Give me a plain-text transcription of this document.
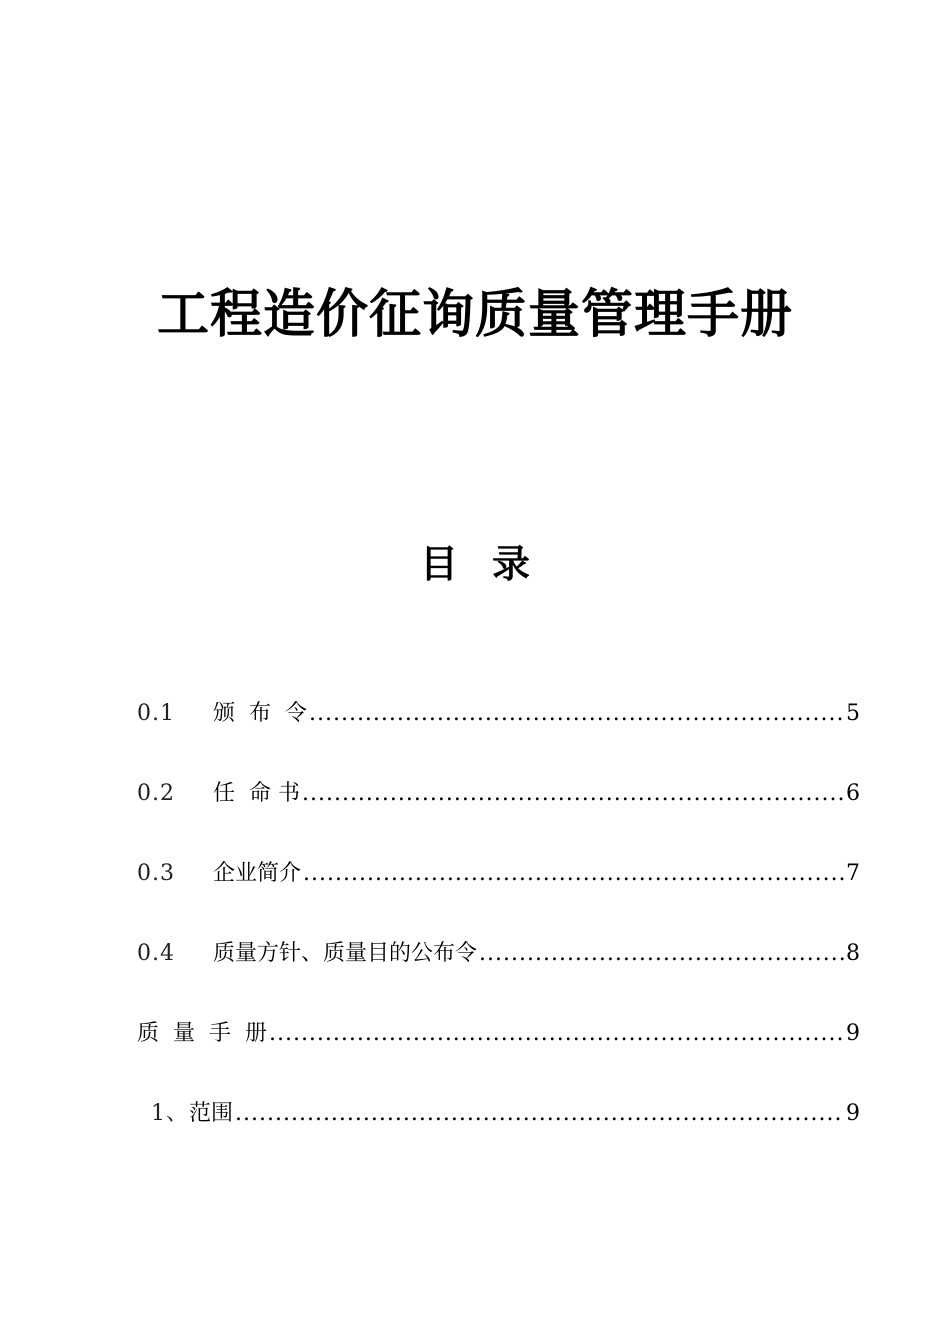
工程造价征询质量管理手册
目 录
0.1	颁  布  令 .....	5
0.2	任  命 书 .....	6
0.3	企业简介 .....	7
0.4	质量方针、质量目的公布令 .....	8
质  量  手  册 .....	9
1、 范围 .....	9
